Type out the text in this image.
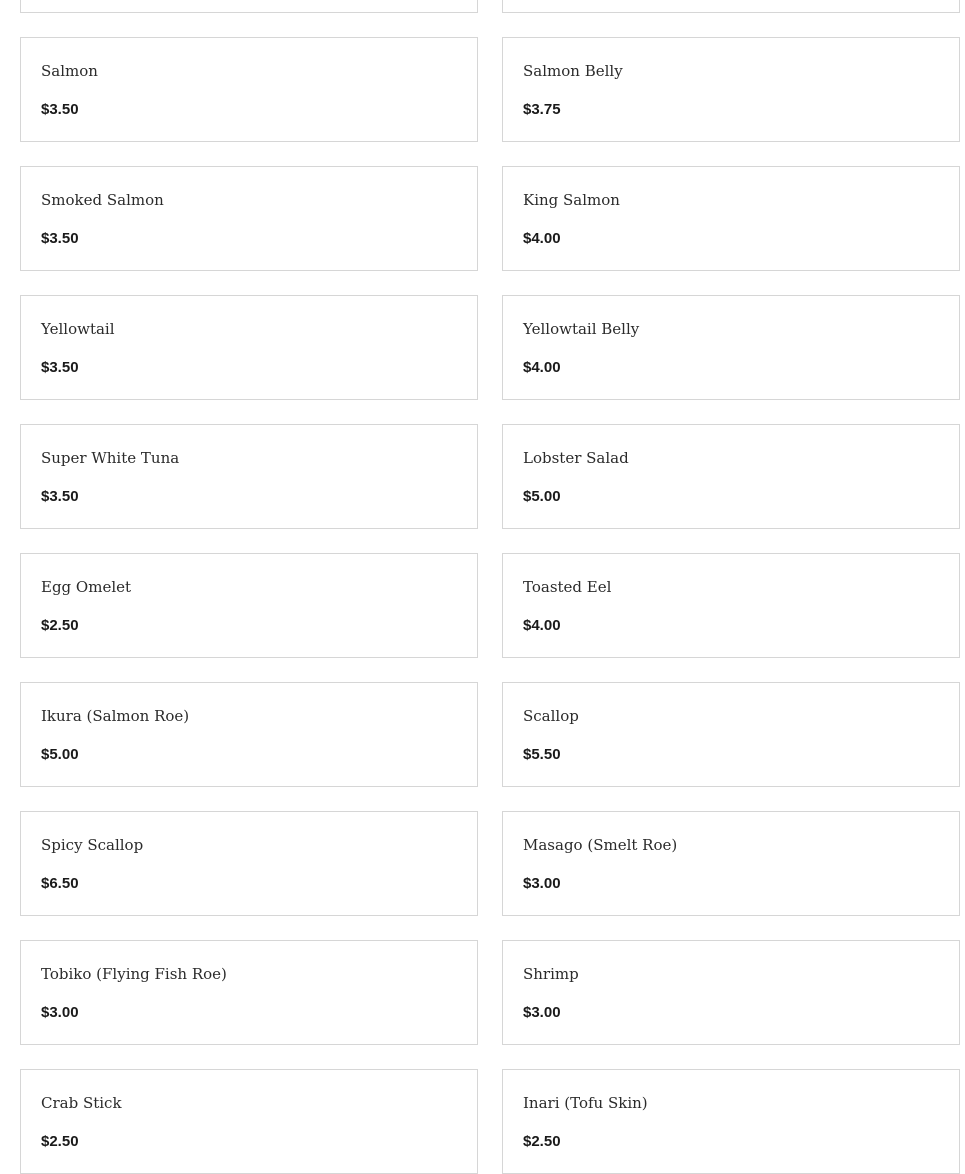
Salmon
$3.50
Salmon Belly
$3.75
Smoked Salmon
$3.50
King Salmon
$4.00
Yellowtail
$3.50
Yellowtail Belly
$4.00
Super White Tuna
$3.50
Lobster Salad
$5.00
Egg Omelet
$2.50
Toasted Eel
$4.00
Ikura (Salmon Roe)
$5.00
Scallop
$5.50
Spicy Scallop
$6.50
Masago (Smelt Roe)
$3.00
Tobiko (Flying Fish Roe)
$3.00
Shrimp
$3.00
Crab Stick
$2.50
Inari (Tofu Skin)
$2.50
